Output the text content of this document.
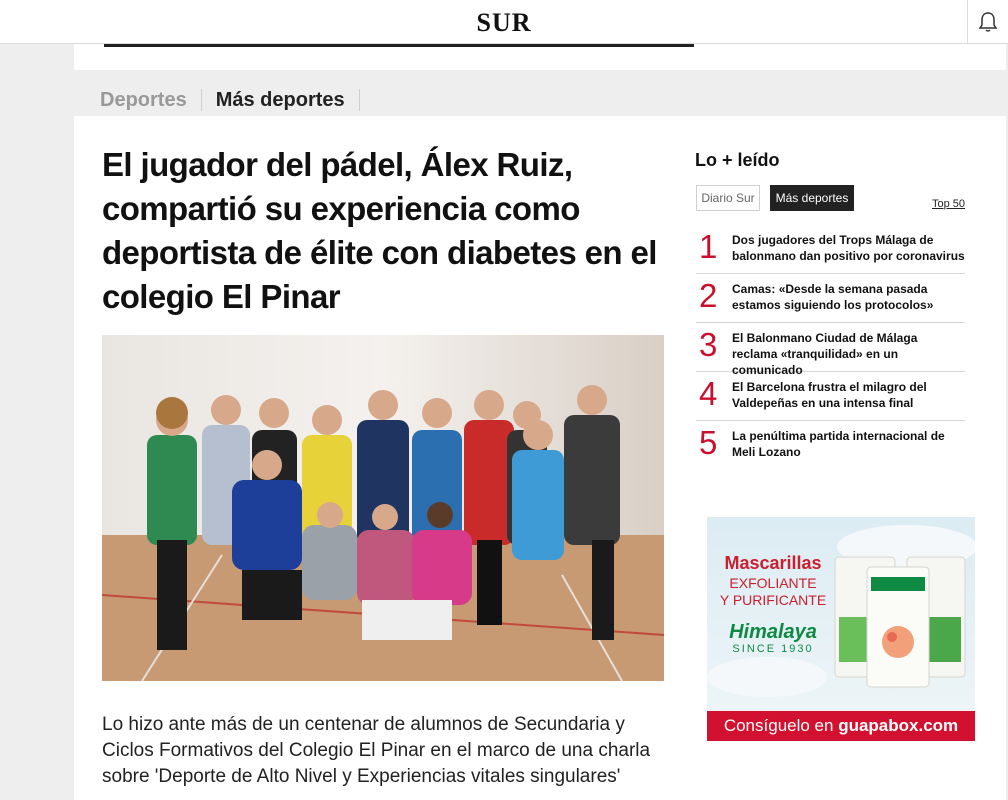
SUR
Deportes	Más deportes
El jugador del pádel, Álex Ruiz, compartió su experiencia como deportista de élite con diabetes en el colegio El Pinar

Lo hizo ante más de un centenar de alumnos de Secundaria y Ciclos Formativos del Colegio El Pinar en el marco de una charla sobre 'Deporte de Alto Nivel y Experiencias vitales singulares'

Lo + leído
Diario Sur	Más deportes	Top 50
1	Dos jugadores del Trops Málaga de balonmano dan positivo por coronavirus
2	Camas: «Desde la semana pasada estamos siguiendo los protocolos»
3	El Balonmano Ciudad de Málaga reclama «tranquilidad» en un comunicado
4	El Barcelona frustra el milagro del Valdepeñas en una intensa final
5	La penúltima partida internacional de Meli Lozano
Mascarillas
EXFOLIANTE
Y PURIFICANTE
Himalaya
SINCE 1930
Consíguelo en guapabox.com
